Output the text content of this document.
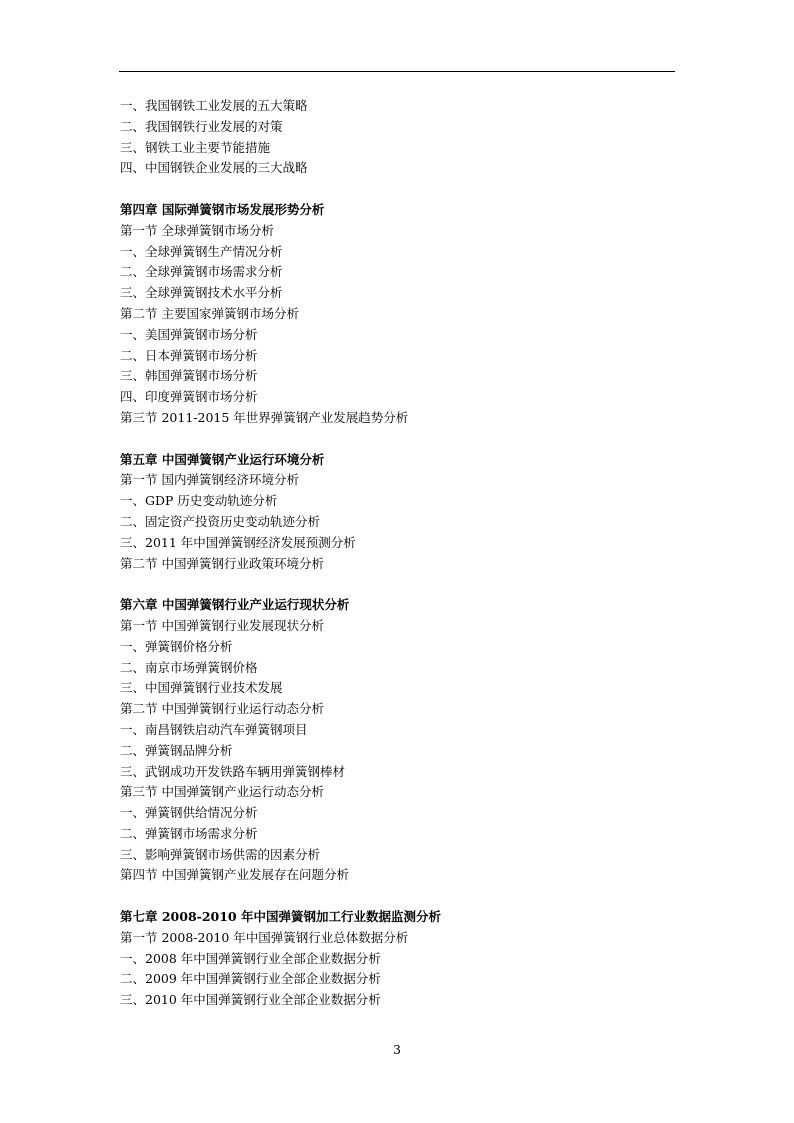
一、我国钢铁工业发展的五大策略
二、我国钢铁行业发展的对策
三、钢铁工业主要节能措施
四、中国钢铁企业发展的三大战略
第四章 国际弹簧钢市场发展形势分析
第一节 全球弹簧钢市场分析
一、全球弹簧钢生产情况分析
二、全球弹簧钢市场需求分析
三、全球弹簧钢技术水平分析
第二节 主要国家弹簧钢市场分析
一、美国弹簧钢市场分析
二、日本弹簧钢市场分析
三、韩国弹簧钢市场分析
四、印度弹簧钢市场分析
第三节 2011-2015 年世界弹簧钢产业发展趋势分析
第五章 中国弹簧钢产业运行环境分析
第一节 国内弹簧钢经济环境分析
一、GDP 历史变动轨迹分析
二、固定资产投资历史变动轨迹分析
三、2011 年中国弹簧钢经济发展预测分析
第二节 中国弹簧钢行业政策环境分析
第六章 中国弹簧钢行业产业运行现状分析
第一节 中国弹簧钢行业发展现状分析
一、弹簧钢价格分析
二、南京市场弹簧钢价格
三、中国弹簧钢行业技术发展
第二节 中国弹簧钢行业运行动态分析
一、南昌钢铁启动汽车弹簧钢项目
二、弹簧钢品牌分析
三、武钢成功开发铁路车辆用弹簧钢棒材
第三节 中国弹簧钢产业运行动态分析
一、弹簧钢供给情况分析
二、弹簧钢市场需求分析
三、影响弹簧钢市场供需的因素分析
第四节 中国弹簧钢产业发展存在问题分析
第七章 2008-2010 年中国弹簧钢加工行业数据监测分析
第一节 2008-2010 年中国弹簧钢行业总体数据分析
一、2008 年中国弹簧钢行业全部企业数据分析
二、2009 年中国弹簧钢行业全部企业数据分析
三、2010 年中国弹簧钢行业全部企业数据分析
3
